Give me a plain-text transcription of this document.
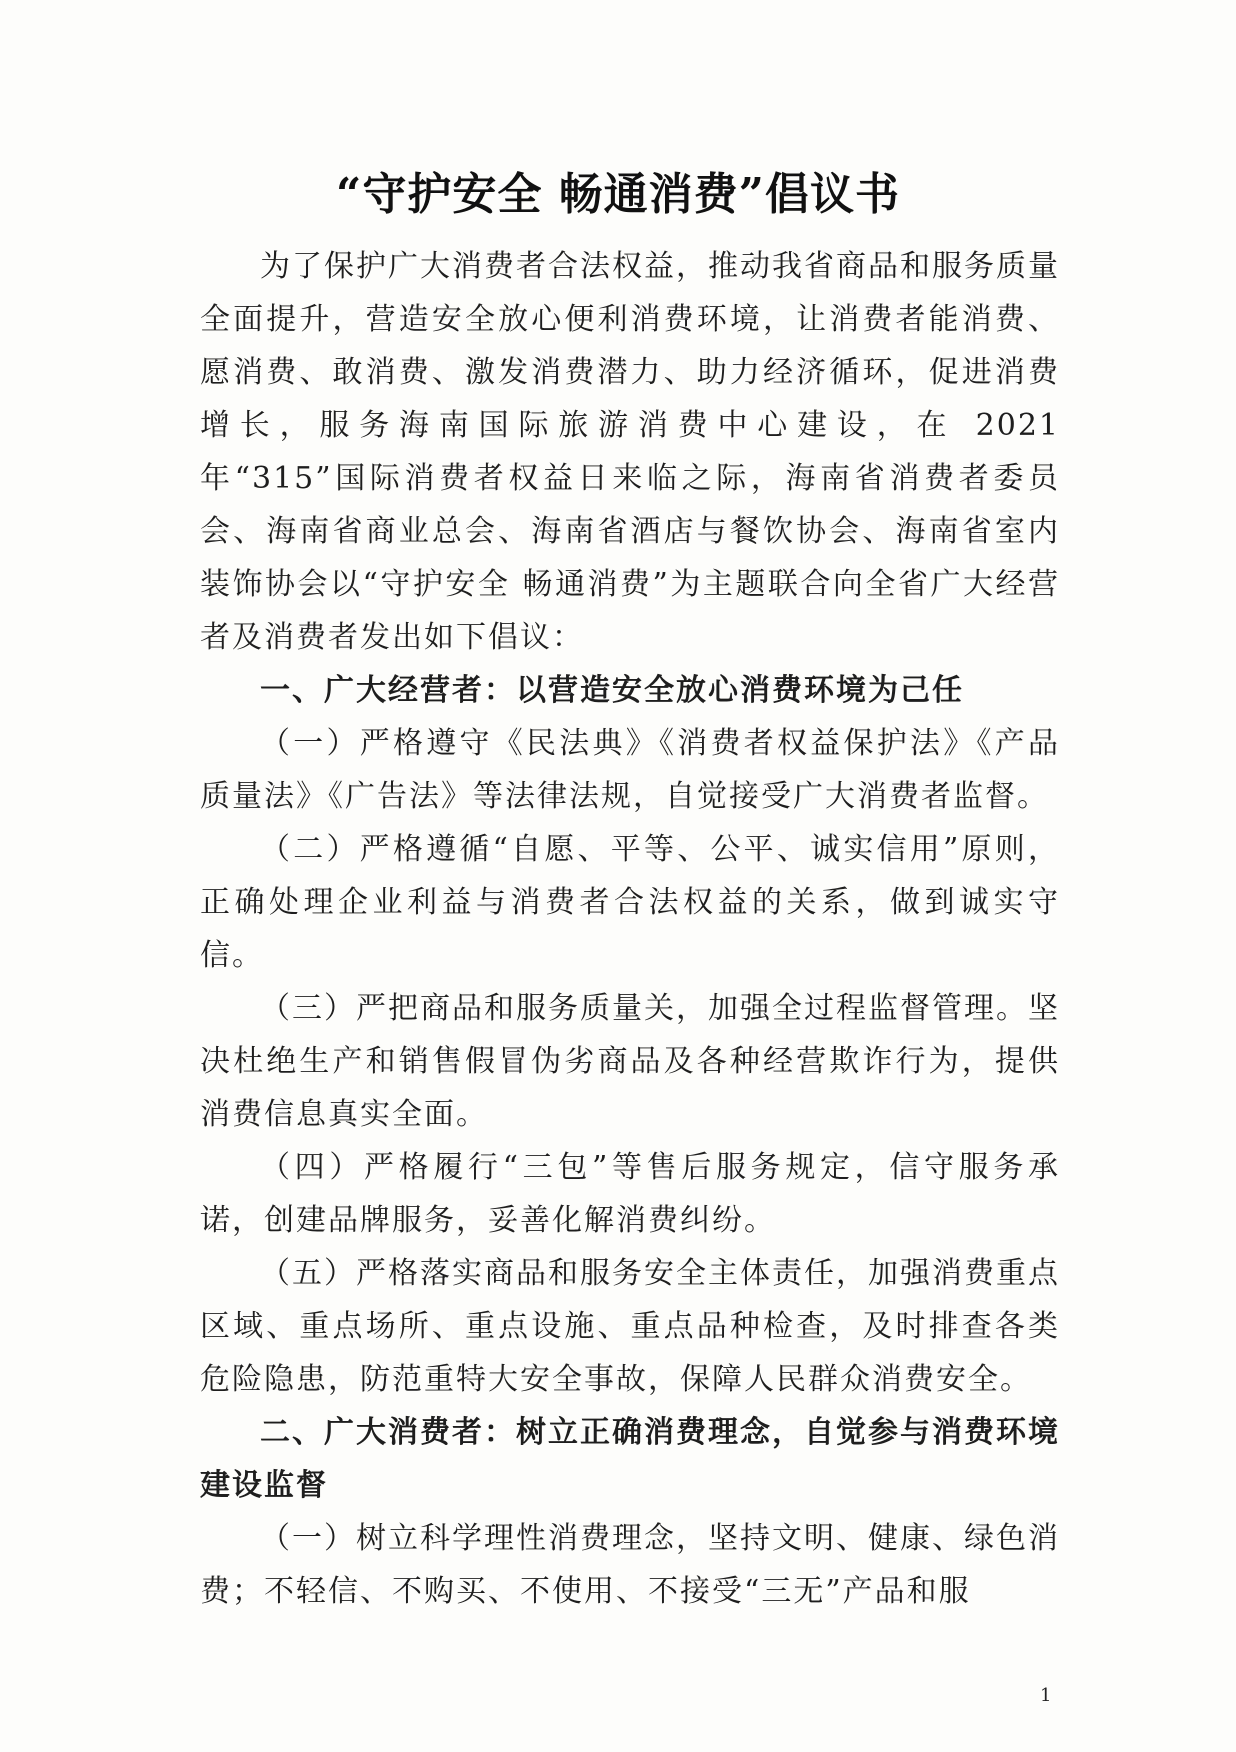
“守护安全 畅通消费”倡议书

为了保护广大消费者合法权益，推动我省商品和服务质量全面提升，营造安全放心便利消费环境，让消费者能消费、愿消费、敢消费、激发消费潜力、助力经济循环，促进消费增长，服务海南国际旅游消费中心建设，在 2021 年“315”国际消费者权益日来临之际，海南省消费者委员会、海南省商业总会、海南省酒店与餐饮协会、海南省室内装饰协会以“守护安全 畅通消费”为主题联合向全省广大经营者及消费者发出如下倡议：

一、广大经营者：以营造安全放心消费环境为己任

（一）严格遵守《民法典》《消费者权益保护法》《产品质量法》《广告法》等法律法规，自觉接受广大消费者监督。

（二）严格遵循“自愿、平等、公平、诚实信用”原则，正确处理企业利益与消费者合法权益的关系，做到诚实守信。

（三）严把商品和服务质量关，加强全过程监督管理。坚决杜绝生产和销售假冒伪劣商品及各种经营欺诈行为，提供消费信息真实全面。

（四）严格履行“三包”等售后服务规定，信守服务承诺，创建品牌服务，妥善化解消费纠纷。

（五）严格落实商品和服务安全主体责任，加强消费重点区域、重点场所、重点设施、重点品种检查，及时排查各类危险隐患，防范重特大安全事故，保障人民群众消费安全。

二、广大消费者：树立正确消费理念，自觉参与消费环境建设监督

（一）树立科学理性消费理念，坚持文明、健康、绿色消费；不轻信、不购买、不使用、不接受“三无”产品和服

1
